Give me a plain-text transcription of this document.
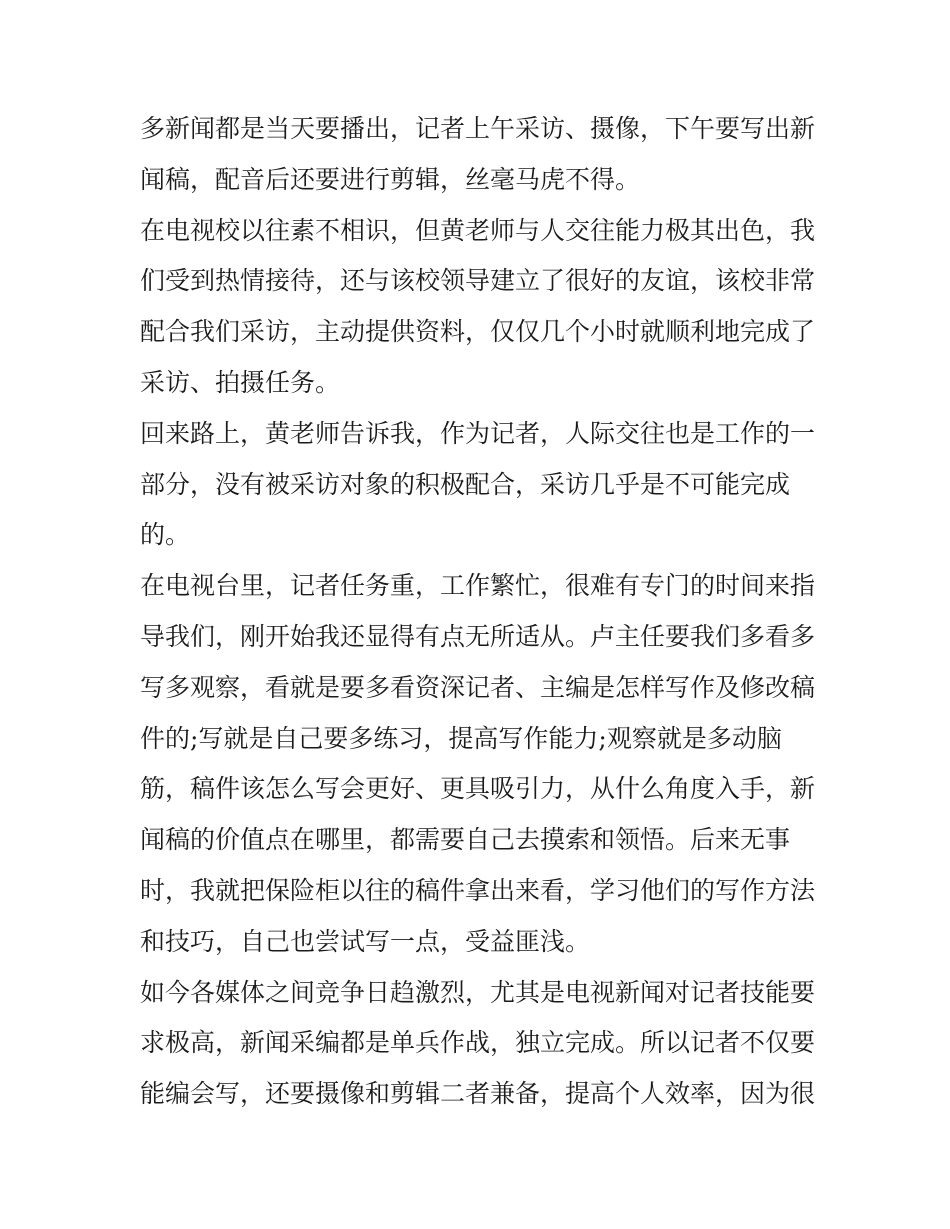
多新闻都是当天要播出，记者上午采访、摄像，下午要写出新
闻稿，配音后还要进行剪辑，丝毫马虎不得。
在电视校以往素不相识，但黄老师与人交往能力极其出色，我
们受到热情接待，还与该校领导建立了很好的友谊，该校非常
配合我们采访，主动提供资料，仅仅几个小时就顺利地完成了
采访、拍摄任务。
回来路上，黄老师告诉我，作为记者，人际交往也是工作的一
部分，没有被采访对象的积极配合，采访几乎是不可能完成
的。
在电视台里，记者任务重，工作繁忙，很难有专门的时间来指
导我们，刚开始我还显得有点无所适从。卢主任要我们多看多
写多观察，看就是要多看资深记者、主编是怎样写作及修改稿
件的;写就是自己要多练习，提高写作能力;观察就是多动脑
筋，稿件该怎么写会更好、更具吸引力，从什么角度入手，新
闻稿的价值点在哪里，都需要自己去摸索和领悟。后来无事
时，我就把保险柜以往的稿件拿出来看，学习他们的写作方法
和技巧，自己也尝试写一点，受益匪浅。
如今各媒体之间竞争日趋激烈，尤其是电视新闻对记者技能要
求极高，新闻采编都是单兵作战，独立完成。所以记者不仅要
能编会写，还要摄像和剪辑二者兼备，提高个人效率，因为很
